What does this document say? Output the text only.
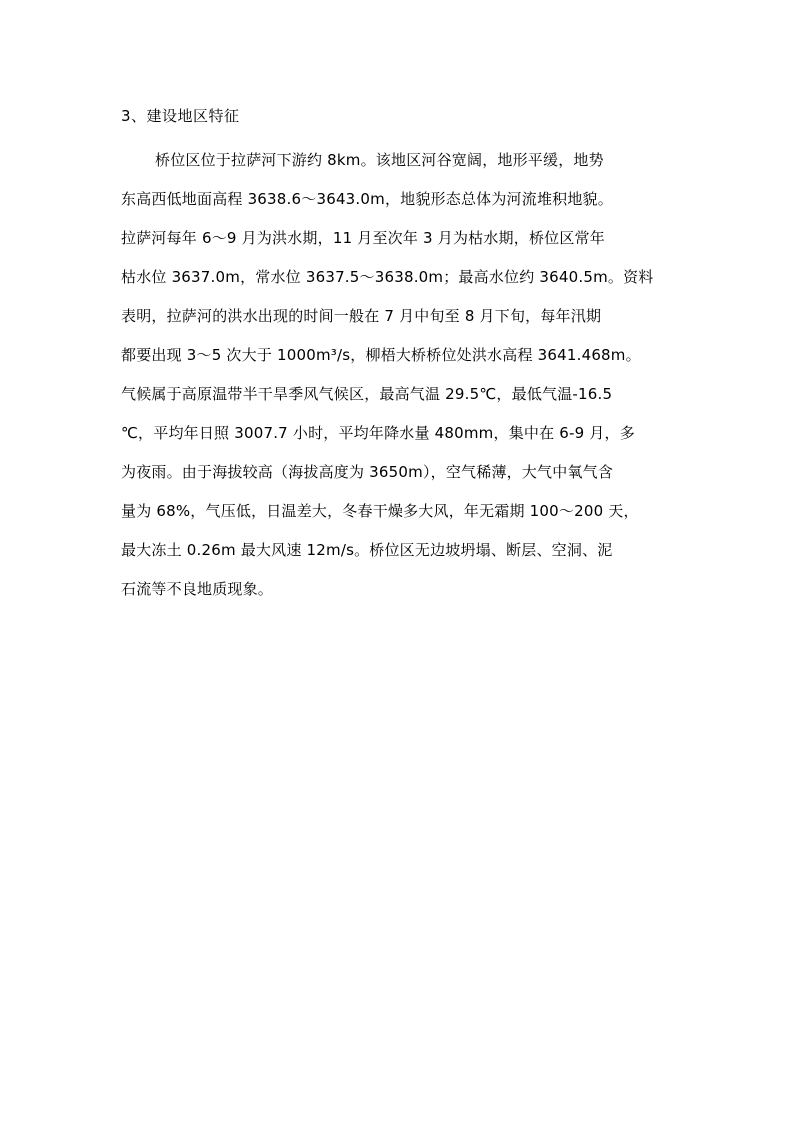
3、建设地区特征
桥位区位于拉萨河下游约 8km。该地区河谷宽阔，地形平缓，地势
东高西低地面高程 3638.6～3643.0m，地貌形态总体为河流堆积地貌。
拉萨河每年 6～9 月为洪水期，11 月至次年 3 月为枯水期，桥位区常年
枯水位 3637.0m，常水位 3637.5～3638.0m；最高水位约 3640.5m。资料
表明，拉萨河的洪水出现的时间一般在 7 月中旬至 8 月下旬，每年汛期
都要出现 3～5 次大于 1000m³/s，柳梧大桥桥位处洪水高程 3641.468m。
气候属于高原温带半干旱季风气候区，最高气温 29.5℃，最低气温-16.5
℃，平均年日照 3007.7 小时，平均年降水量 480mm，集中在 6-9 月，多
为夜雨。由于海拔较高（海拔高度为 3650m），空气稀薄，大气中氧气含
量为 68%，气压低，日温差大，冬春干燥多大风，年无霜期 100～200 天，
最大冻土 0.26m 最大风速 12m/s。桥位区无边坡坍塌、断层、空洞、泥
石流等不良地质现象。
